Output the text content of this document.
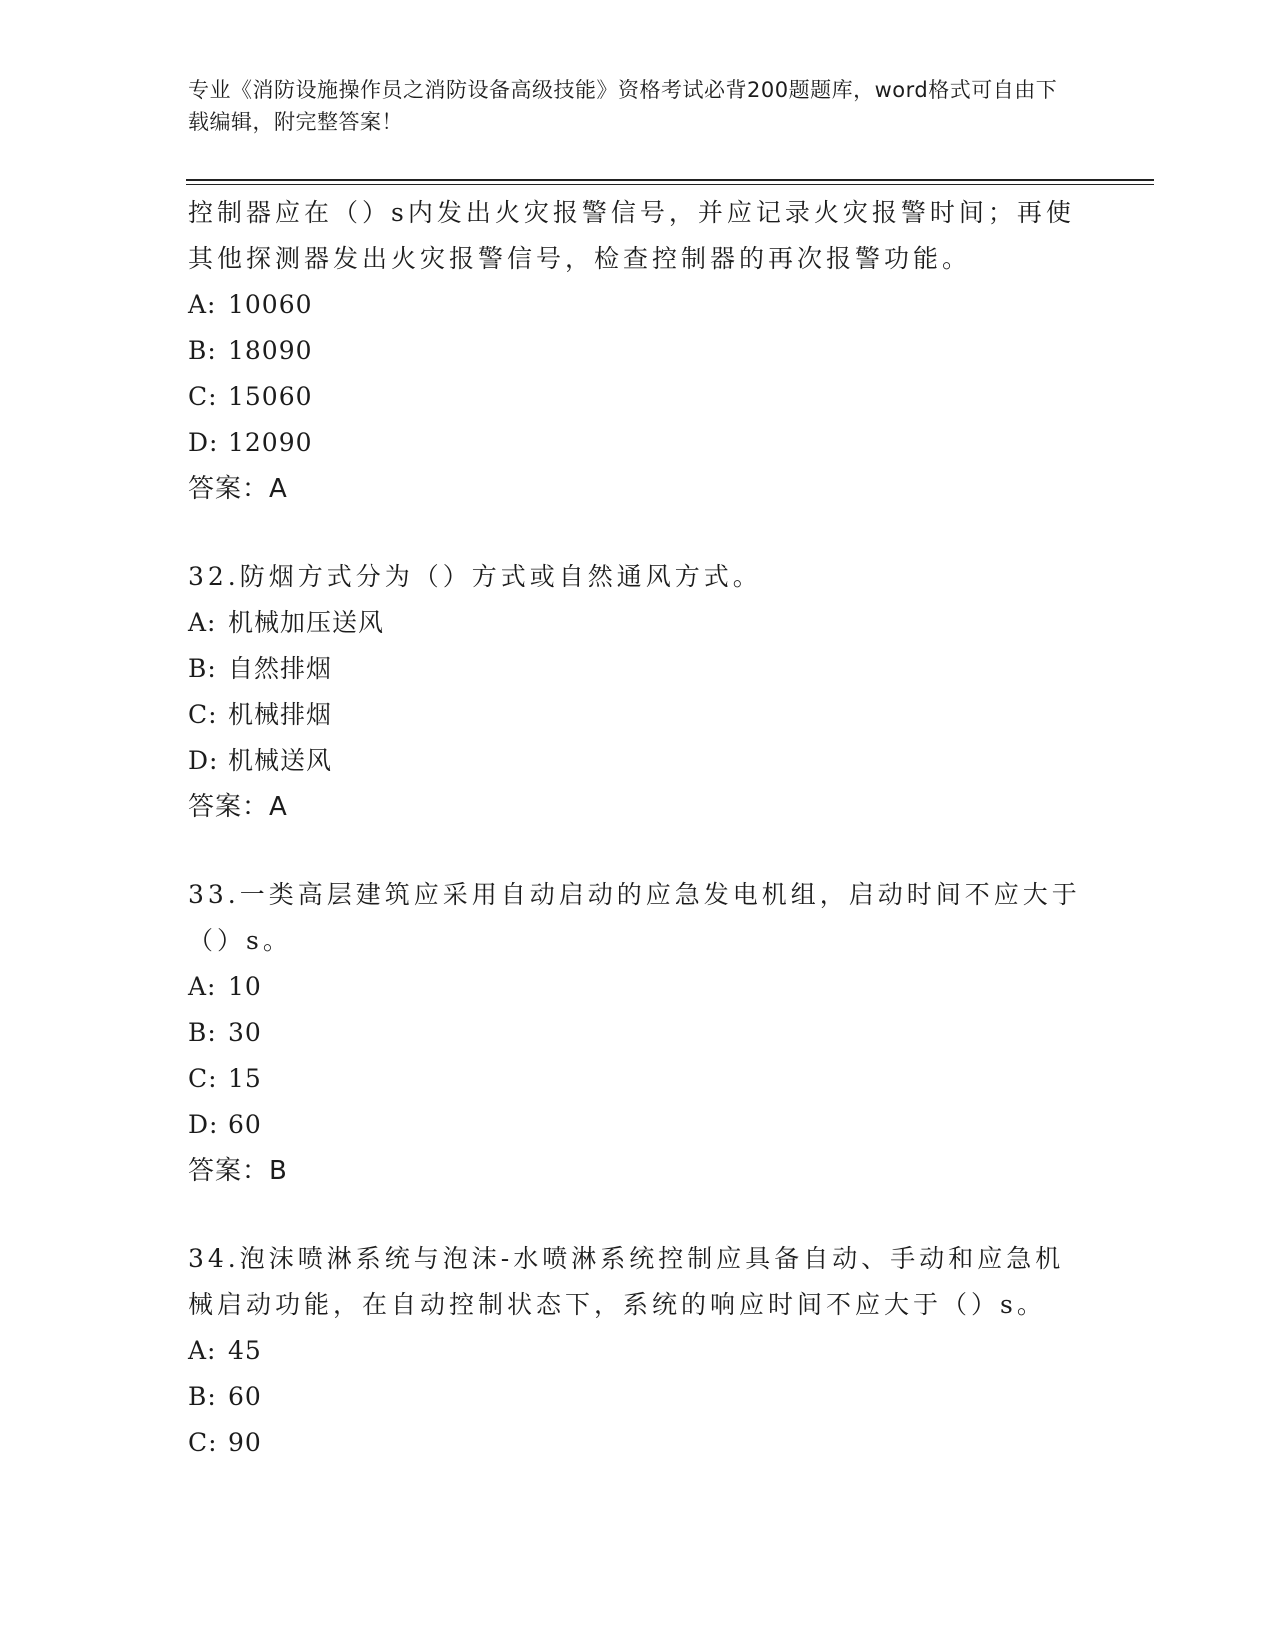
专业《消防设施操作员之消防设备高级技能》资格考试必背200题题库，word格式可自由下载编辑，附完整答案！
控制器应在（）s内发出火灾报警信号，并应记录火灾报警时间；再使其他探测器发出火灾报警信号，检查控制器的再次报警功能。
A: 10060
B: 18090
C: 15060
D: 12090
答案：A
32.防烟方式分为（）方式或自然通风方式。
A: 机械加压送风
B: 自然排烟
C: 机械排烟
D: 机械送风
答案：A
33.一类高层建筑应采用自动启动的应急发电机组，启动时间不应大于（）s。
A: 10
B: 30
C: 15
D: 60
答案：B
34.泡沫喷淋系统与泡沫-水喷淋系统控制应具备自动、手动和应急机械启动功能，在自动控制状态下，系统的响应时间不应大于（）s。
A: 45
B: 60
C: 90
